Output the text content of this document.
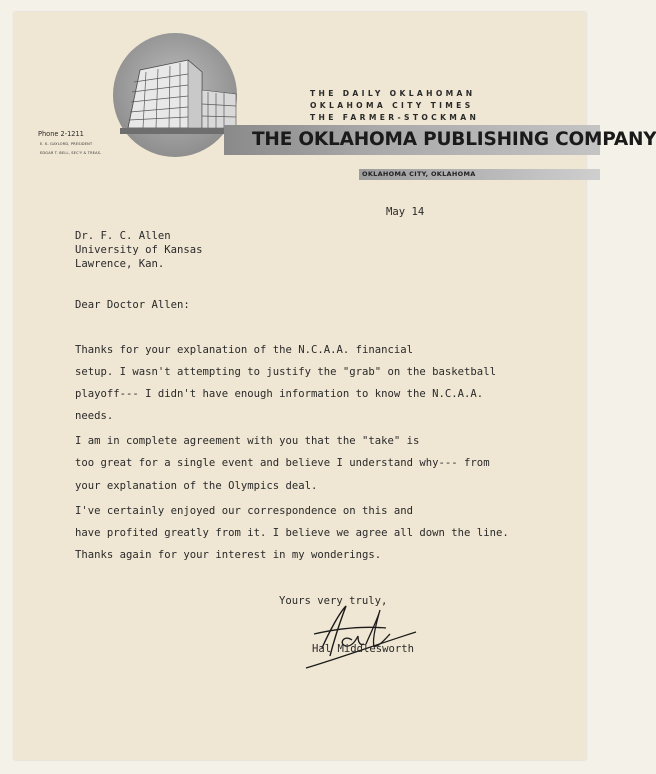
THE OKLAHOMA PUBLISHING COMPANY
OKLAHOMA CITY, OKLAHOMA
THE DAILY OKLAHOMAN
OKLAHOMA CITY TIMES
THE FARMER-STOCKMAN
Phone 2-1211
E. K. GAYLORD, PRESIDENT
EDGAR T. BELL, SEC'Y & TREAS.
May 14
Dr. F. C. Allen
University of Kansas
Lawrence, Kan.
Dear Doctor Allen:
Thanks for your explanation of the N.C.A.A. financial
setup. I wasn't attempting to justify the "grab" on the basketball
playoff--- I didn't have enough information to know the N.C.A.A.
needs.
I am in complete agreement with you that the "take" is
too great for a single event and believe I understand why--- from
your explanation of the Olympics deal.
I've certainly enjoyed our correspondence on this and
have profited greatly from it. I believe we agree all down the line.
Thanks again for your interest in my wonderings.
Yours very truly,
Hal Middlesworth
